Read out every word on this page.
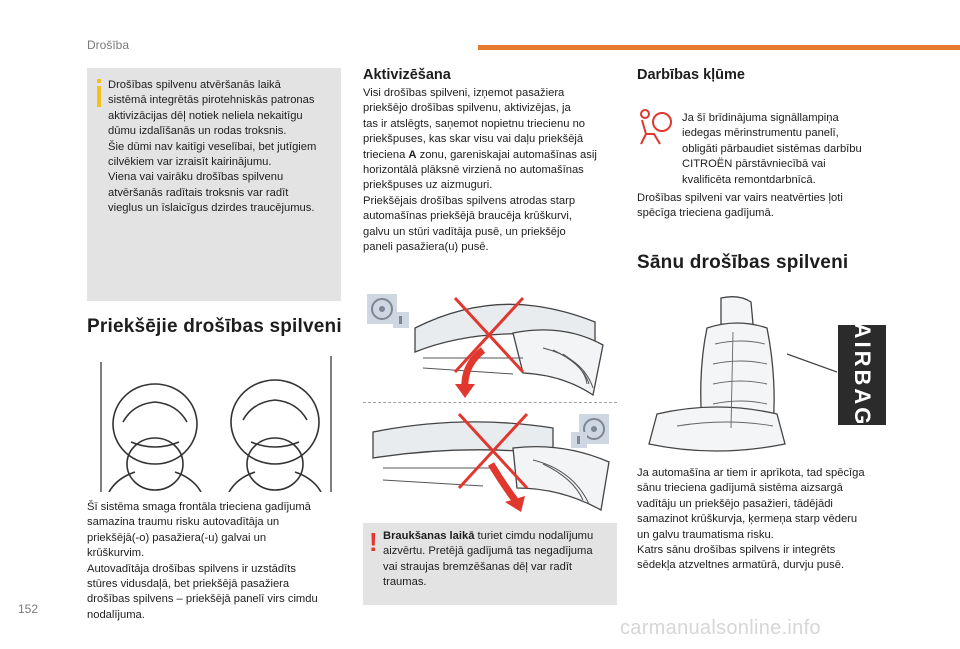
Drošība
Drošības spilvenu atvēršanās laikā
sistēmā integrētās pirotehniskās patronas
aktivizācijas dēļ notiek neliela nekaitīgu
dūmu izdalīšanās un rodas troksnis.
Šie dūmi nav kaitīgi veselībai, bet jutīgiem
cilvēkiem var izraisīt kairinājumu.
Viena vai vairāku drošības spilvenu
atvēršanās radītais troksnis var radīt
vieglus un īslaicīgus dzirdes traucējumus.
Priekšējie drošības spilveni
Šī sistēma smaga frontāla trieciena gadījumā
samazina traumu risku autovadītāja un
priekšējā(-o) pasažiera(-u) galvai un
krūškurvim.
Autovadītāja drošības spilvens ir uzstādīts
stūres vidusdaļā, bet priekšējā pasažiera
drošības spilvens – priekšējā panelī virs cimdu
nodalījuma.
Aktivizēšana
Visi drošības spilveni, izņemot pasažiera
priekšējo drošības spilvenu, aktivizējas, ja
tas ir atslēgts, saņemot nopietnu triecienu no
priekšpuses, kas skar visu vai daļu priekšējā
trieciena A zonu, gareniskajai automašīnas asij
horizontālā plāksnē virzienā no automašīnas
priekšpuses uz aizmuguri.
Priekšējais drošības spilvens atrodas starp
automašīnas priekšējā braucēja krūškurvi,
galvu un stūri vadītāja pusē, un priekšējo
paneli pasažiera(u) pusē.
! Braukšanas laikā turiet cimdu nodalījumu
aizvērtu. Pretējā gadījumā tas negadījuma
vai straujas bremzēšanas dēļ var radīt
traumas.
Darbības kļūme
Ja šī brīdinājuma signāllampiņa
iedegas mērinstrumentu panelī,
obligāti pārbaudiet sistēmas darbību
CITROËN pārstāvniecībā vai
kvalificēta remontdarbnīcā.
Drošības spilveni var vairs neatvērties ļoti
spēcīga trieciena gadījumā.
Sānu drošības spilveni
AIRBAG
Ja automašīna ar tiem ir aprīkota, tad spēcīga
sānu trieciena gadījumā sistēma aizsargā
vadītāju un priekšējo pasažieri, tādējādi
samazinot krūškurvja, ķermeņa starp vēderu
un galvu traumatisma risku.
Katrs sānu drošības spilvens ir integrēts
sēdekļa atzveltnes armatūrā, durvju pusē.
152
carmanualsonline.info
